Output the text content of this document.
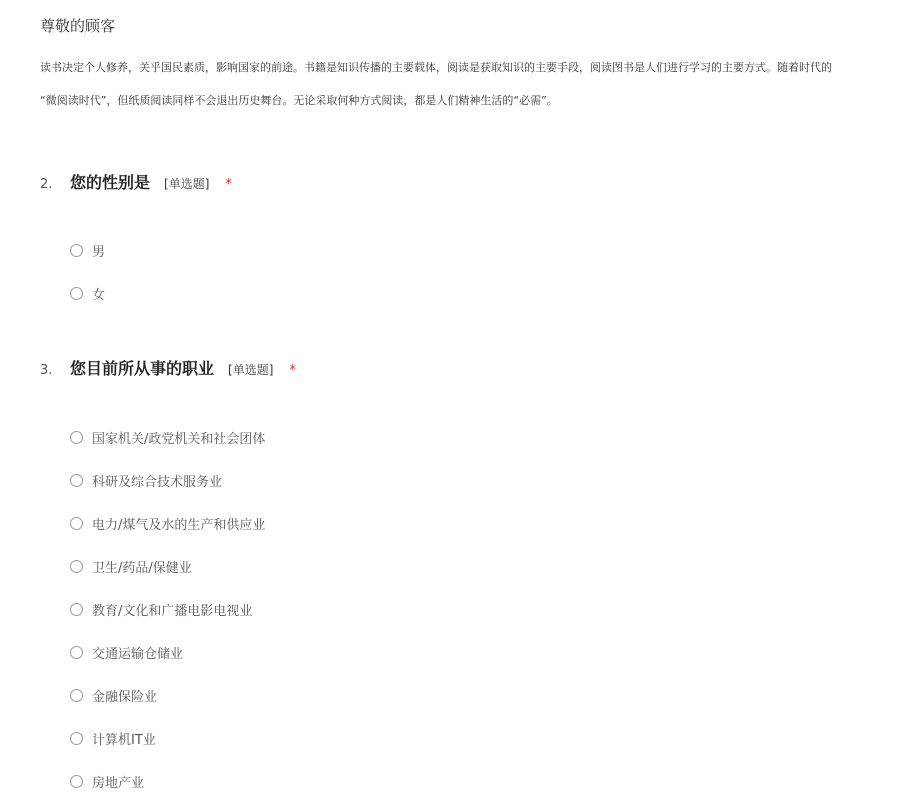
尊敬的顾客
读书决定个人修养，关乎国民素质，影响国家的前途。书籍是知识传播的主要载体，阅读是获取知识的主要手段，阅读图书是人们进行学习的主要方式。随着时代的
“微阅读时代”，但纸质阅读同样不会退出历史舞台。无论采取何种方式阅读，都是人们精神生活的“必需”。
2.	您的性别是 [单选题] *
男
女
3.	您目前所从事的职业 [单选题] *
国家机关/政党机关和社会团体
科研及综合技术服务业
电力/煤气及水的生产和供应业
卫生/药品/保健业
教育/文化和广播电影电视业
交通运输仓储业
金融保险业
计算机IT业
房地产业
